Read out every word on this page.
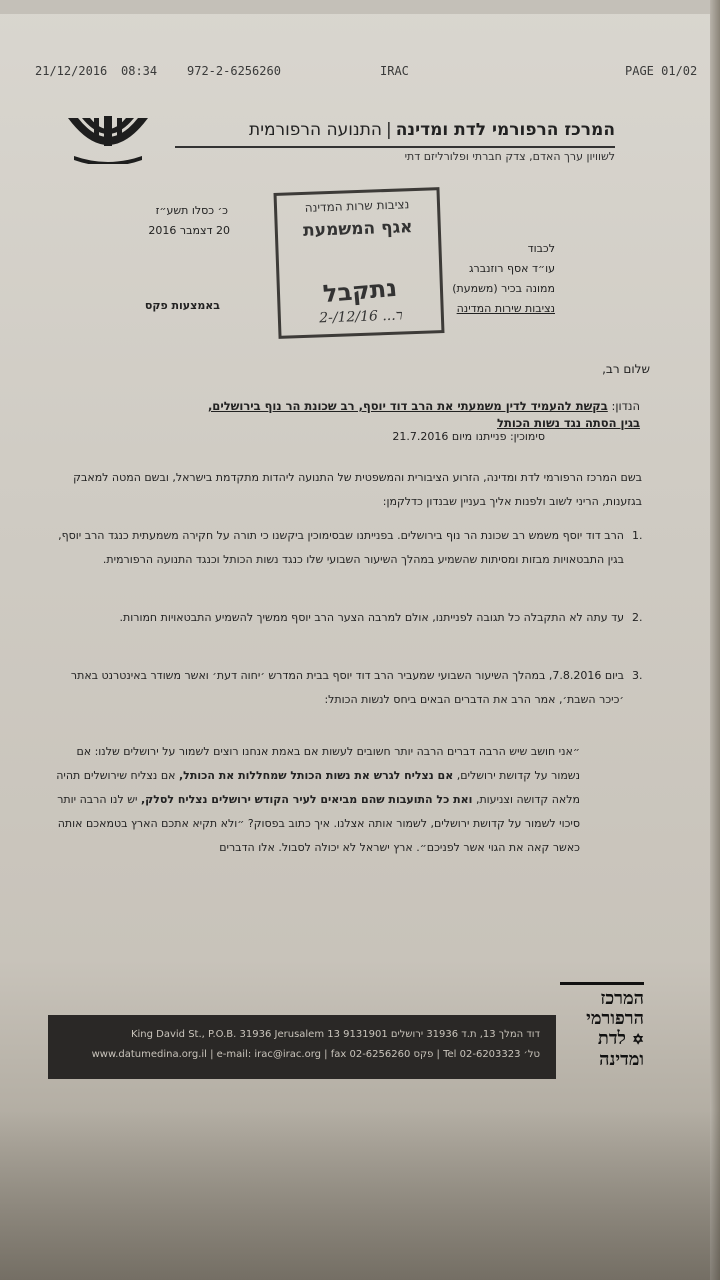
21/12/2016 08:34 972-2-6256260	IRAC	PAGE 01/02
המרכז הרפורמי לדת ומדינה|התנועה הרפורמית
לשוויון ערך האדם, צדק חברתי ופלורליזם דתי
כ׳ כסלו תשע״ז
20 דצמבר 2016
באמצעות פקס
נציבות שרות המדינה
אגף המשמעת
נתקבל
2-/12/16 ...ר
לכבוד
עו״ד אסף רוזנברג
ממונה בכיר (משמעת)
נציבות שירות המדינה
שלום רב,
הנדון: בקשת להעמיד לדין משמעתי את הרב דוד יוסף, רב שכונת הר נוף בירושלים,
בגין הסתה נגד נשות הכותל
סימוכין: פנייתנו מיום 21.7.2016
בשם המרכז הרפורמי לדת ומדינה, הזרוע הציבורית והמשפטית של התנועה ליהדות מתקדמת בישראל, ובשם המטה למאבק בגזענות, הריני לשוב ולפנות אליך בעניין שבנדון כדלקמן:
1.
הרב דוד יוסף משמש רב שכונת הר נוף בירושלים. בפנייתנו שבסימוכין ביקשנו כי תורה על חקירה משמעתית כנגד הרב יוסף, בגין התבטאויות מבזות ומסיתות שהשמיע במהלך השיעור השבועי שלו כנגד נשות הכותל וכנגד התנועה הרפורמית.
2.
עד עתה לא התקבלה כל תגובה לפנייתנו, אולם למרבה הצער הרב יוסף ממשיך להשמיע התבטאויות חמורות.
3.
ביום 7.8.2016, במהלך השיעור השבועי שמעביר הרב דוד יוסף בבית המדרש ׳יחוה דעת׳ ואשר משודר באינטרנט באתר ׳כיכר השבת׳, אמר הרב את הדברים הבאים ביחס לנשות הכותל:
״אני חושב שיש הרבה דברים הרבה יותר חשובים לעשות אם באמת אנחנו רוצים לשמור על ירושלים שלנו: אם נשמור על קדושת ירושלים, אם נצליח לגרש את נשות הכותל שמחללות את הכותל, אם נצליח שירושלים תהיה מלאה קדושה וצניעות, ואת כל התועבות שהם מביאים לעיר הקודש ירושלים נצליח לסלק, יש לנו הרבה יותר סיכוי לשמור על קדושת ירושלים, לשמור אותה אצלנו. איך כתוב בפסוק? ״ולא תקיא אתכם הארץ בטמאכם אותה כאשר קאה את הגוי אשר לפניכם״. ארץ ישראל לא יכולה לסבול. אלו הדברים
המרכז
הרפורמי
✡ לדת
ומדינה
King David St., P.O.B. 31936 Jerusalem 13 9131901 דוד המלך 13, ת.ד 31936 ירושלים
www.datumedina.org.il | e-mail: irac@irac.org | fax 02-6256260 פקס | Tel 02-6203323 טל׳
